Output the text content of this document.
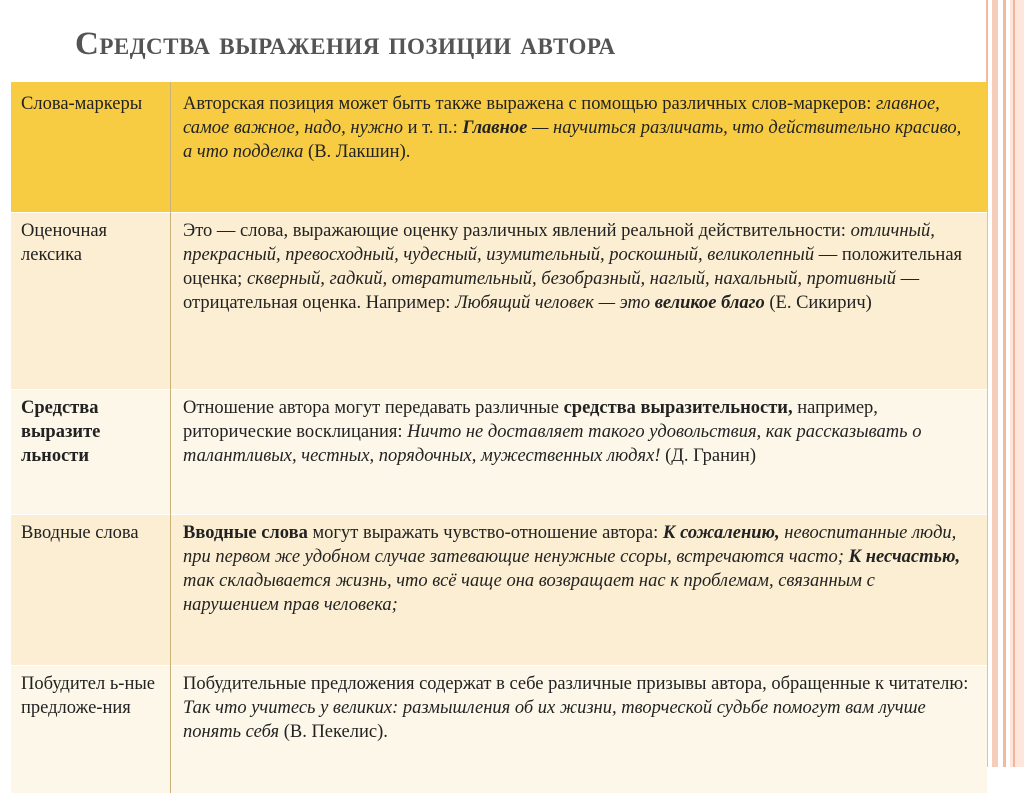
Средства выражения позиции автора
Слова-маркеры	Авторская позиция может быть также выражена с помощью различных слов-маркеров: главное, самое важное, надо, нужно и т. п.: Главное — научиться различать, что действительно красиво, а что подделка (В. Лакшин).
Оценочная лексика	Это — слова, выражающие оценку различных явлений реальной действительности: отличный, прекрасный, превосходный, чудесный, изумительный, роскошный, великолепный — положительная оценка; скверный, гадкий, отвратительный, безобразный, наглый, нахальный, противный — отрицательная оценка. Например: Любящий человек — это великое благо (Е. Сикирич)
Средства выразите льности	Отношение автора могут передавать различные средства выразительности, например, риторические восклицания: Ничто не доставляет такого удовольствия, как рассказывать о талантливых, честных, порядочных, мужественных людях! (Д. Гранин)
Вводные слова	Вводные слова могут выражать чувство-отношение автора: К сожалению, невоспитанные люди, при первом же удобном случае затевающие ненужные ссоры, встречаются часто; К несчастью, так складывается жизнь, что всё чаще она возвращает нас к проблемам, связанным с нарушением прав человека;
Побудител ь-ные предложе-ния	Побудительные предложения содержат в себе различные призывы автора, обращенные к читателю: Так что учитесь у великих: размышления об их жизни, творческой судьбе помогут вам лучше понять себя (В. Пекелис).
